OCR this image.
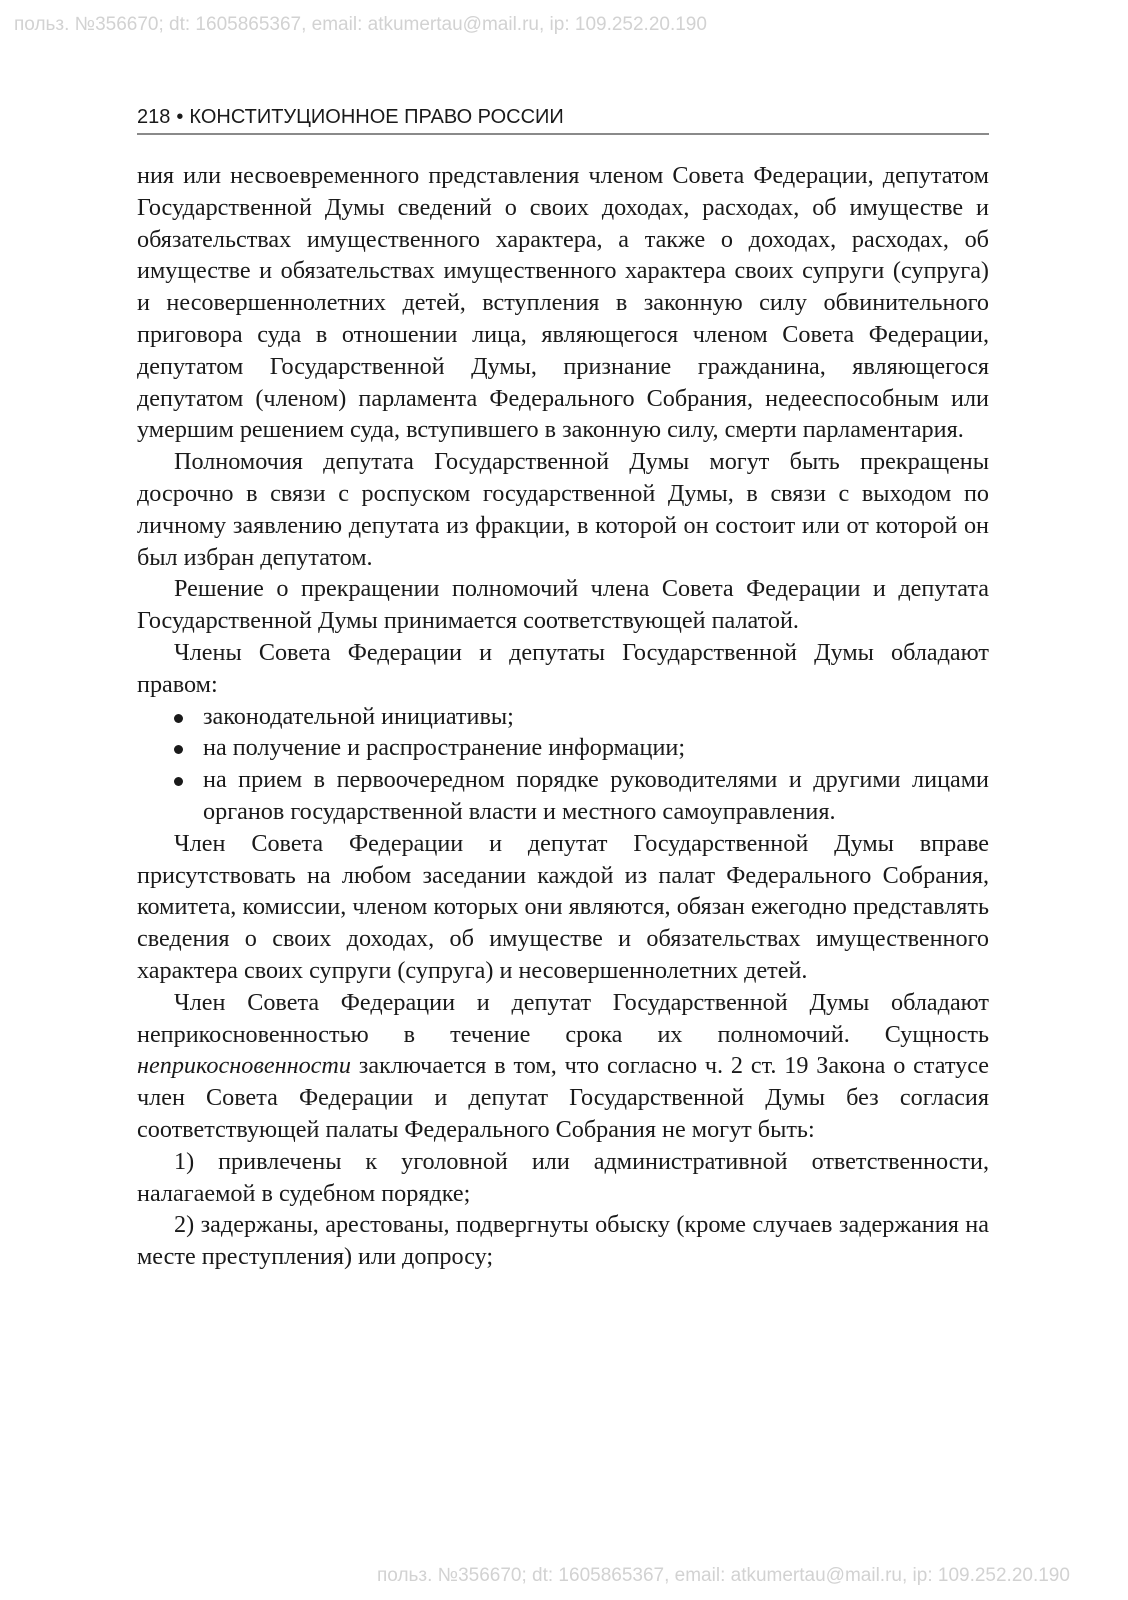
польз. №356670; dt: 1605865367, email: atkumertau@mail.ru, ip: 109.252.20.190
218 • КОНСТИТУЦИОННОЕ ПРАВО РОССИИ

ния или несвоевременного представления членом Совета Федерации, депутатом Государственной Думы сведений о своих доходах, расходах, об имуществе и обязательствах имущественного характера, а также о доходах, расходах, об имуществе и обязательствах имущественного характера своих супруги (супруга) и несовершеннолетних детей, вступления в законную силу обвинительного приговора суда в отношении лица, являющегося членом Совета Федерации, депутатом Государственной Думы, признание гражданина, являющегося депутатом (членом) парламента Федерального Собрания, недееспособным или умершим решением суда, вступившего в законную силу, смерти парламентария.

Полномочия депутата Государственной Думы могут быть прекращены досрочно в связи с роспуском государственной Думы, в связи с выходом по личному заявлению депутата из фракции, в которой он состоит или от которой он был избран депутатом.

Решение о прекращении полномочий члена Совета Федерации и депутата Государственной Думы принимается соответствующей палатой.

Члены Совета Федерации и депутаты Государственной Думы обладают правом:

законодательной инициативы;
на получение и распространение информации;
на прием в первоочередном порядке руководителями и другими лицами органов государственной власти и местного самоуправления.

Член Совета Федерации и депутат Государственной Думы вправе присутствовать на любом заседании каждой из палат Федерального Собрания, комитета, комиссии, членом которых они являются, обязан ежегодно представлять сведения о своих доходах, об имуществе и обязательствах имущественного характера своих супруги (супруга) и несовершеннолетних детей.

Член Совета Федерации и депутат Государственной Думы обладают неприкосновенностью в течение срока их полномочий. Сущность неприкосновенности заключается в том, что согласно ч. 2 ст. 19 Закона о статусе член Совета Федерации и депутат Государственной Думы без согласия соответствующей палаты Федерального Собрания не могут быть:

1) привлечены к уголовной или административной ответственности, налагаемой в судебном порядке;

2) задержаны, арестованы, подвергнуты обыску (кроме случаев задержания на месте преступления) или допросу;

польз. №356670; dt: 1605865367, email: atkumertau@mail.ru, ip: 109.252.20.190
